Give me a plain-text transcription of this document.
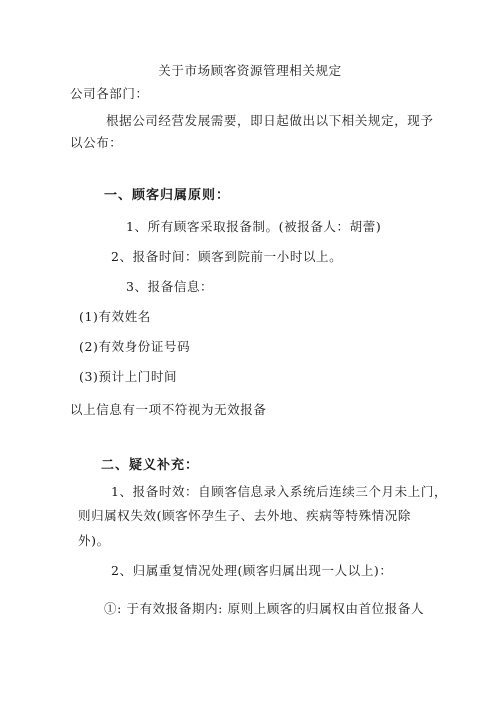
关于市场顾客资源管理相关规定
公司各部门：
根据公司经营发展需要，即日起做出以下相关规定，现予
以公布：
一、顾客归属原则：
1、所有顾客采取报备制。(被报备人：胡蕾)
2、报备时间：顾客到院前一小时以上。
3、报备信息：
(1)有效姓名
(2)有效身份证号码
(3)预计上门时间
以上信息有一项不符视为无效报备
二、疑义补充：
1、报备时效：自顾客信息录入系统后连续三个月未上门，
则归属权失效(顾客怀孕生子、去外地、疾病等特殊情况除
外)。
2、归属重复情况处理(顾客归属出现一人以上)：
①: 于有效报备期内: 原则上顾客的归属权由首位报备人
